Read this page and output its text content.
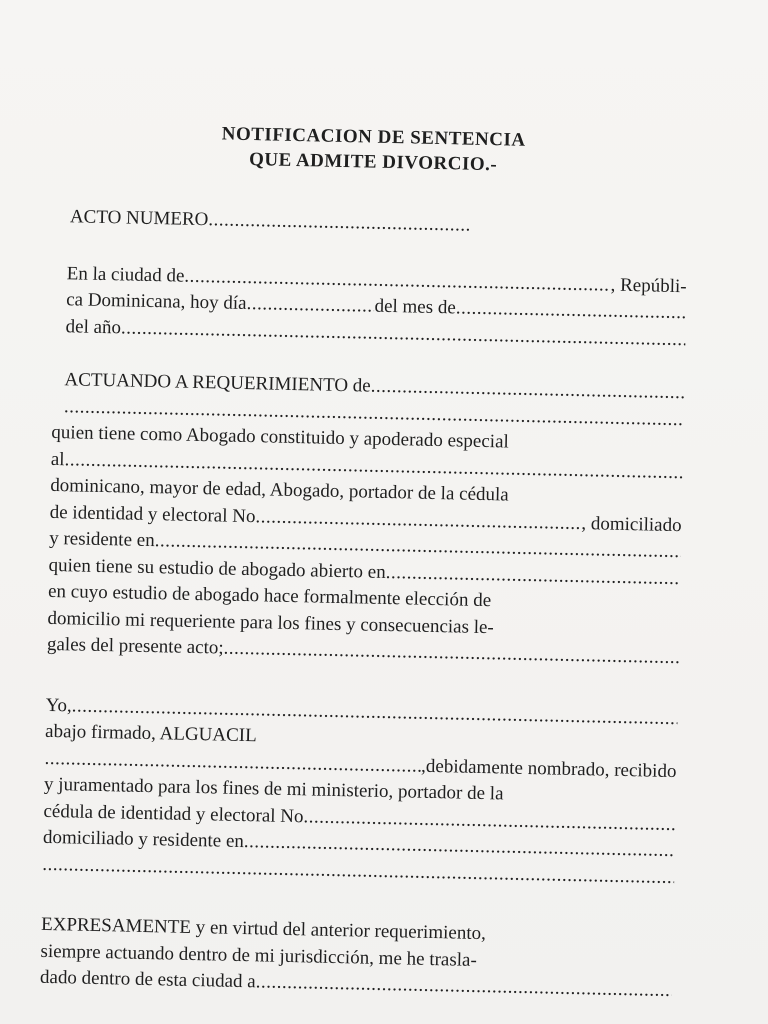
NOTIFICACION DE SENTENCIA
QUE ADMITE DIVORCIO.-
ACTO NUMERO
.....
En la ciudad de .....	, Repúbli-
ca Dominicana, hoy día .....	del mes de
.....
del año
.....
ACTUANDO A REQUERIMIENTO de
.....
.....
quien tiene como Abogado constituido y apoderado especial
al
.....
dominicano, mayor de edad, Abogado, portador de la cédula
de identidad y electoral No .....	, domiciliado
y residente en
.....
quien tiene su estudio de abogado abierto en
.....
en cuyo estudio de abogado hace formalmente elección de
domicilio mi requeriente para los fines y consecuencias le-
gales del presente acto;
.....
Yo,
.....
abajo firmado, ALGUACIL
.....
,debidamente nombrado, recibido
y juramentado para los fines de mi ministerio, portador de la
cédula de identidad y electoral No
.....
domiciliado y residente en
.....
.....
EXPRESAMENTE y en virtud del anterior requerimiento,
siempre actuando dentro de mi jurisdicción, me he trasla-
dado dentro de esta ciudad a
.....
